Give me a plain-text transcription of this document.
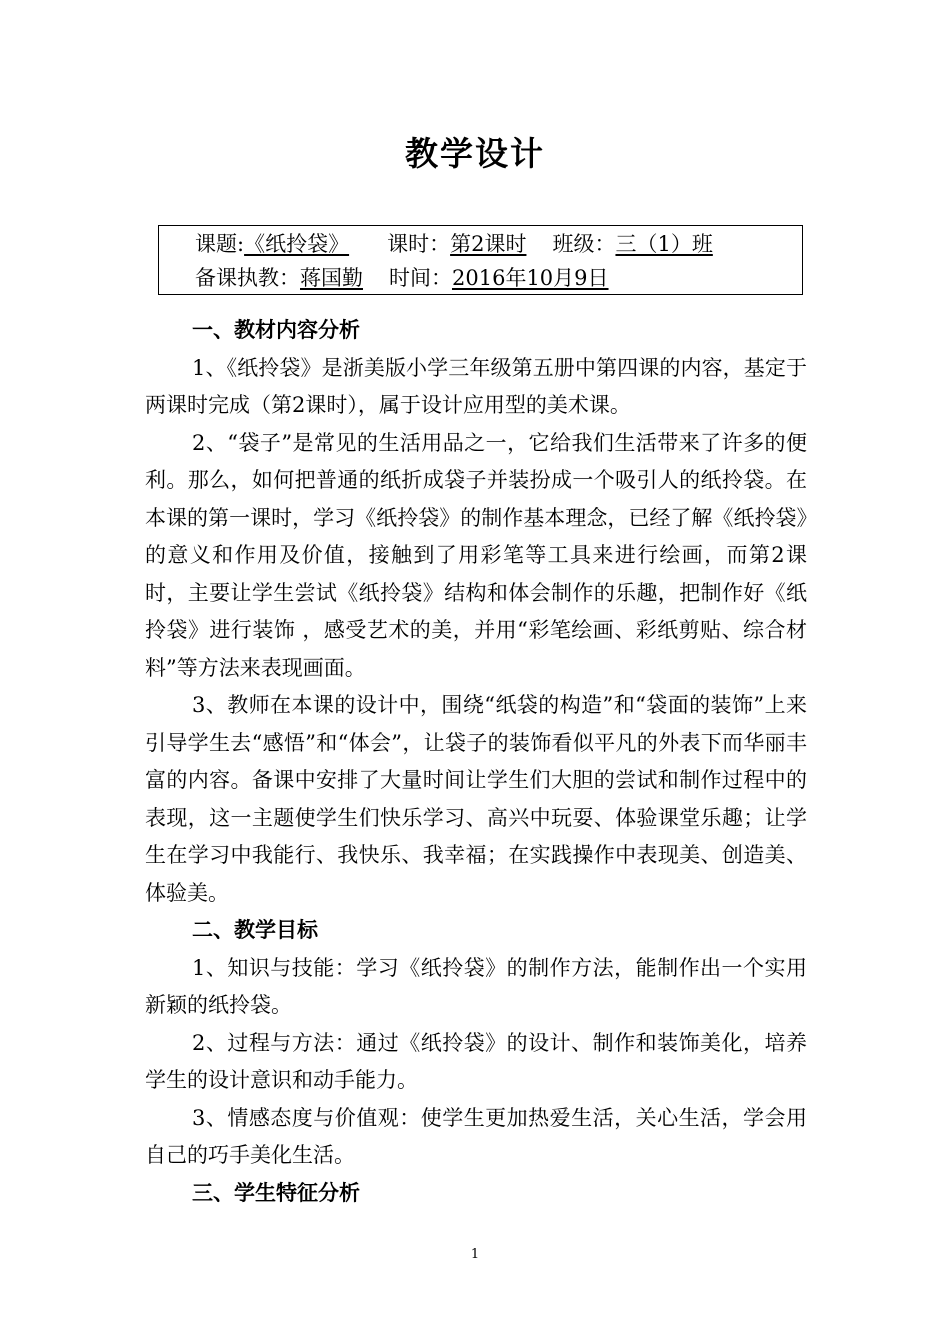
教学设计
课题:《纸拎袋》 课时：第2课时 班级：三（1）班
备课执教：蒋国勤 时间：2016年10月9日
一、教材内容分析

1、《纸拎袋》是浙美版小学三年级第五册中第四课的内容，基定于两课时完成（第2课时），属于设计应用型的美术课。

2、“袋子”是常见的生活用品之一，它给我们生活带来了许多的便利。那么，如何把普通的纸折成袋子并装扮成一个吸引人的纸拎袋。在本课的第一课时，学习《纸拎袋》的制作基本理念，已经了解《纸拎袋》的意义和作用及价值，接触到了用彩笔等工具来进行绘画，而第2课时，主要让学生尝试《纸拎袋》结构和体会制作的乐趣，把制作好《纸拎袋》进行装饰 ，感受艺术的美，并用“彩笔绘画、彩纸剪贴、综合材料”等方法来表现画面。

3、教师在本课的设计中，围绕“纸袋的构造”和“袋面的装饰”上来引导学生去“感悟”和“体会”，让袋子的装饰看似平凡的外表下而华丽丰富的内容。备课中安排了大量时间让学生们大胆的尝试和制作过程中的表现，这一主题使学生们快乐学习、高兴中玩耍、体验课堂乐趣；让学生在学习中我能行、我快乐、我幸福；在实践操作中表现美、创造美、体验美。

二、教学目标

1、知识与技能：学习《纸拎袋》的制作方法，能制作出一个实用新颖的纸拎袋。

2、过程与方法：通过《纸拎袋》的设计、制作和装饰美化，培养学生的设计意识和动手能力。

3、情感态度与价值观：使学生更加热爱生活，关心生活，学会用自己的巧手美化生活。

三、学生特征分析
1
